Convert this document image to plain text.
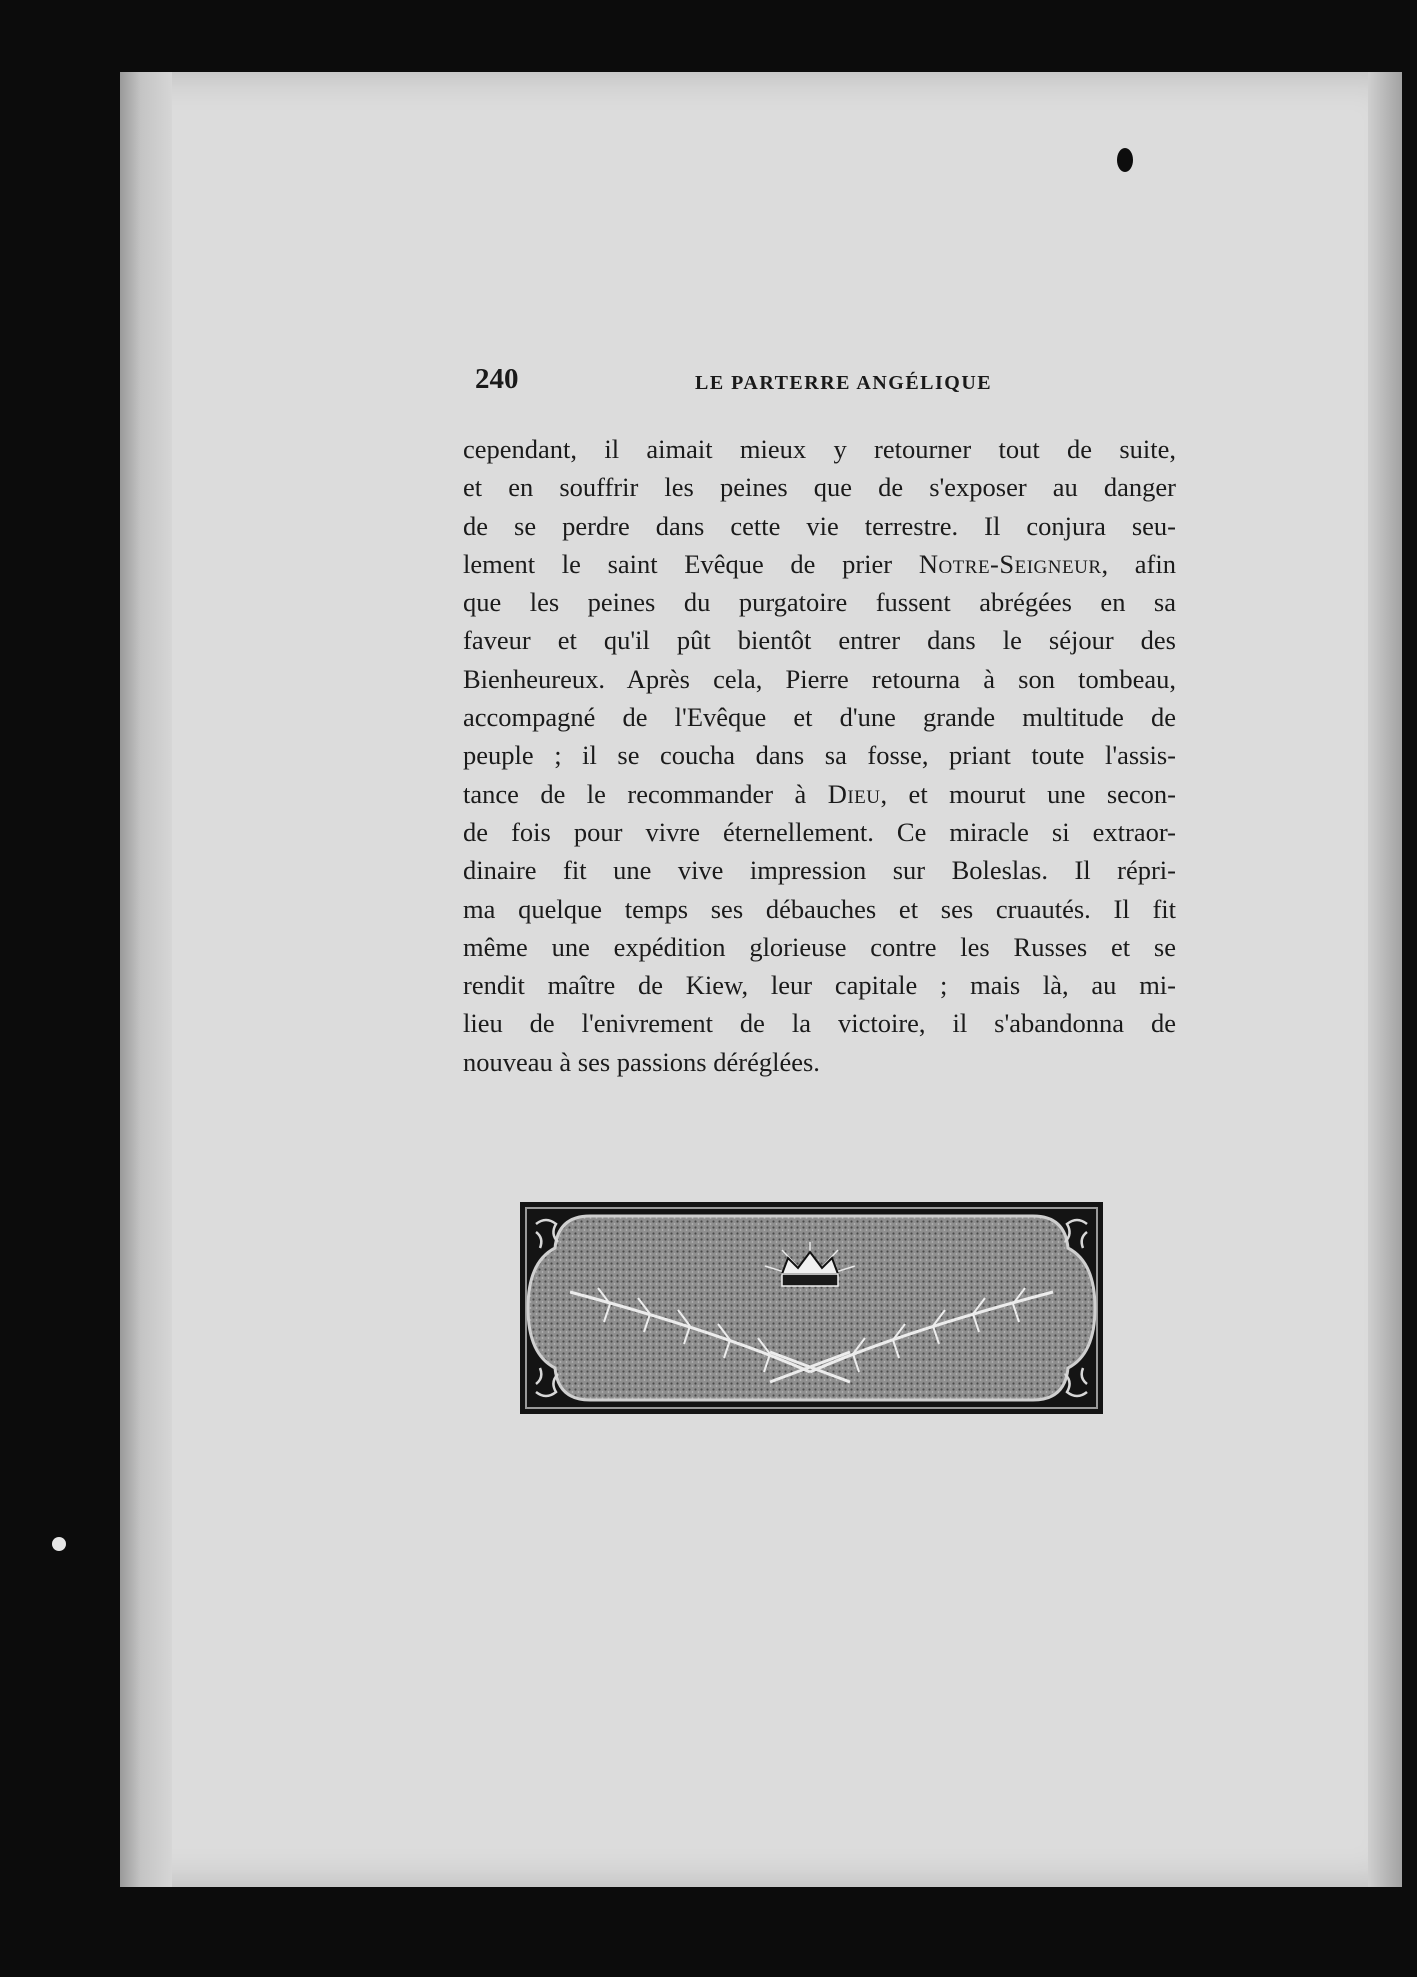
240	LE PARTERRE ANGÉLIQUE

cependant, il aimait mieux y retourner tout de suite,
et en souffrir les peines que de s'exposer au danger
de se perdre dans cette vie terrestre. Il conjura seu-
lement le saint Evêque de prier Notre-Seigneur, afin
que les peines du purgatoire fussent abrégées en sa
faveur et qu'il pût bientôt entrer dans le séjour des
Bienheureux. Après cela, Pierre retourna à son tombeau,
accompagné de l'Evêque et d'une grande multitude de
peuple ; il se coucha dans sa fosse, priant toute l'assis-
tance de le recommander à Dieu, et mourut une secon-
de fois pour vivre éternellement. Ce miracle si extraor-
dinaire fit une vive impression sur Boleslas. Il répri-
ma quelque temps ses débauches et ses cruautés. Il fit
même une expédition glorieuse contre les Russes et se
rendit maître de Kiew, leur capitale ; mais là, au mi-
lieu de l'enivrement de la victoire, il s'abandonna de
nouveau à ses passions déréglées.
